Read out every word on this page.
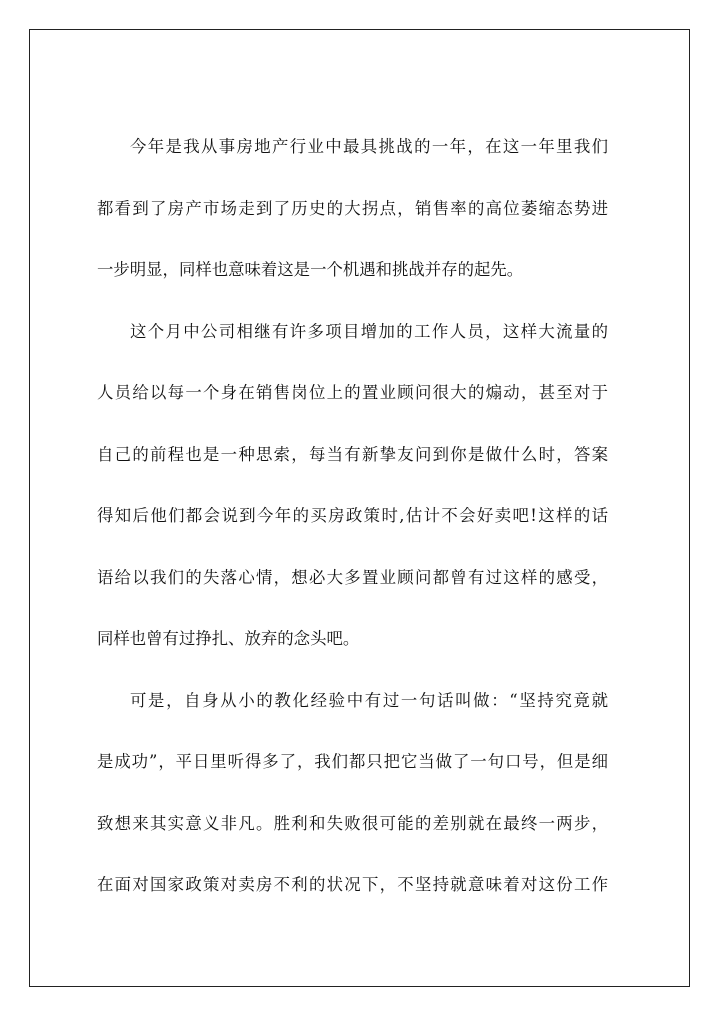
今年是我从事房地产行业中最具挑战的一年，在这一年里我们
都看到了房产市场走到了历史的大拐点，销售率的高位萎缩态势进
一步明显，同样也意味着这是一个机遇和挑战并存的起先。
这个月中公司相继有许多项目增加的工作人员，这样大流量的
人员给以每一个身在销售岗位上的置业顾问很大的煽动，甚至对于
自己的前程也是一种思索，每当有新挚友问到你是做什么时，答案
得知后他们都会说到今年的买房政策时,估计不会好卖吧!这样的话
语给以我们的失落心情，想必大多置业顾问都曾有过这样的感受，
同样也曾有过挣扎、放弃的念头吧。
可是，自身从小的教化经验中有过一句话叫做：“坚持究竟就
是成功”，平日里听得多了，我们都只把它当做了一句口号，但是细
致想来其实意义非凡。胜利和失败很可能的差别就在最终一两步，
在面对国家政策对卖房不利的状况下，不坚持就意味着对这份工作
